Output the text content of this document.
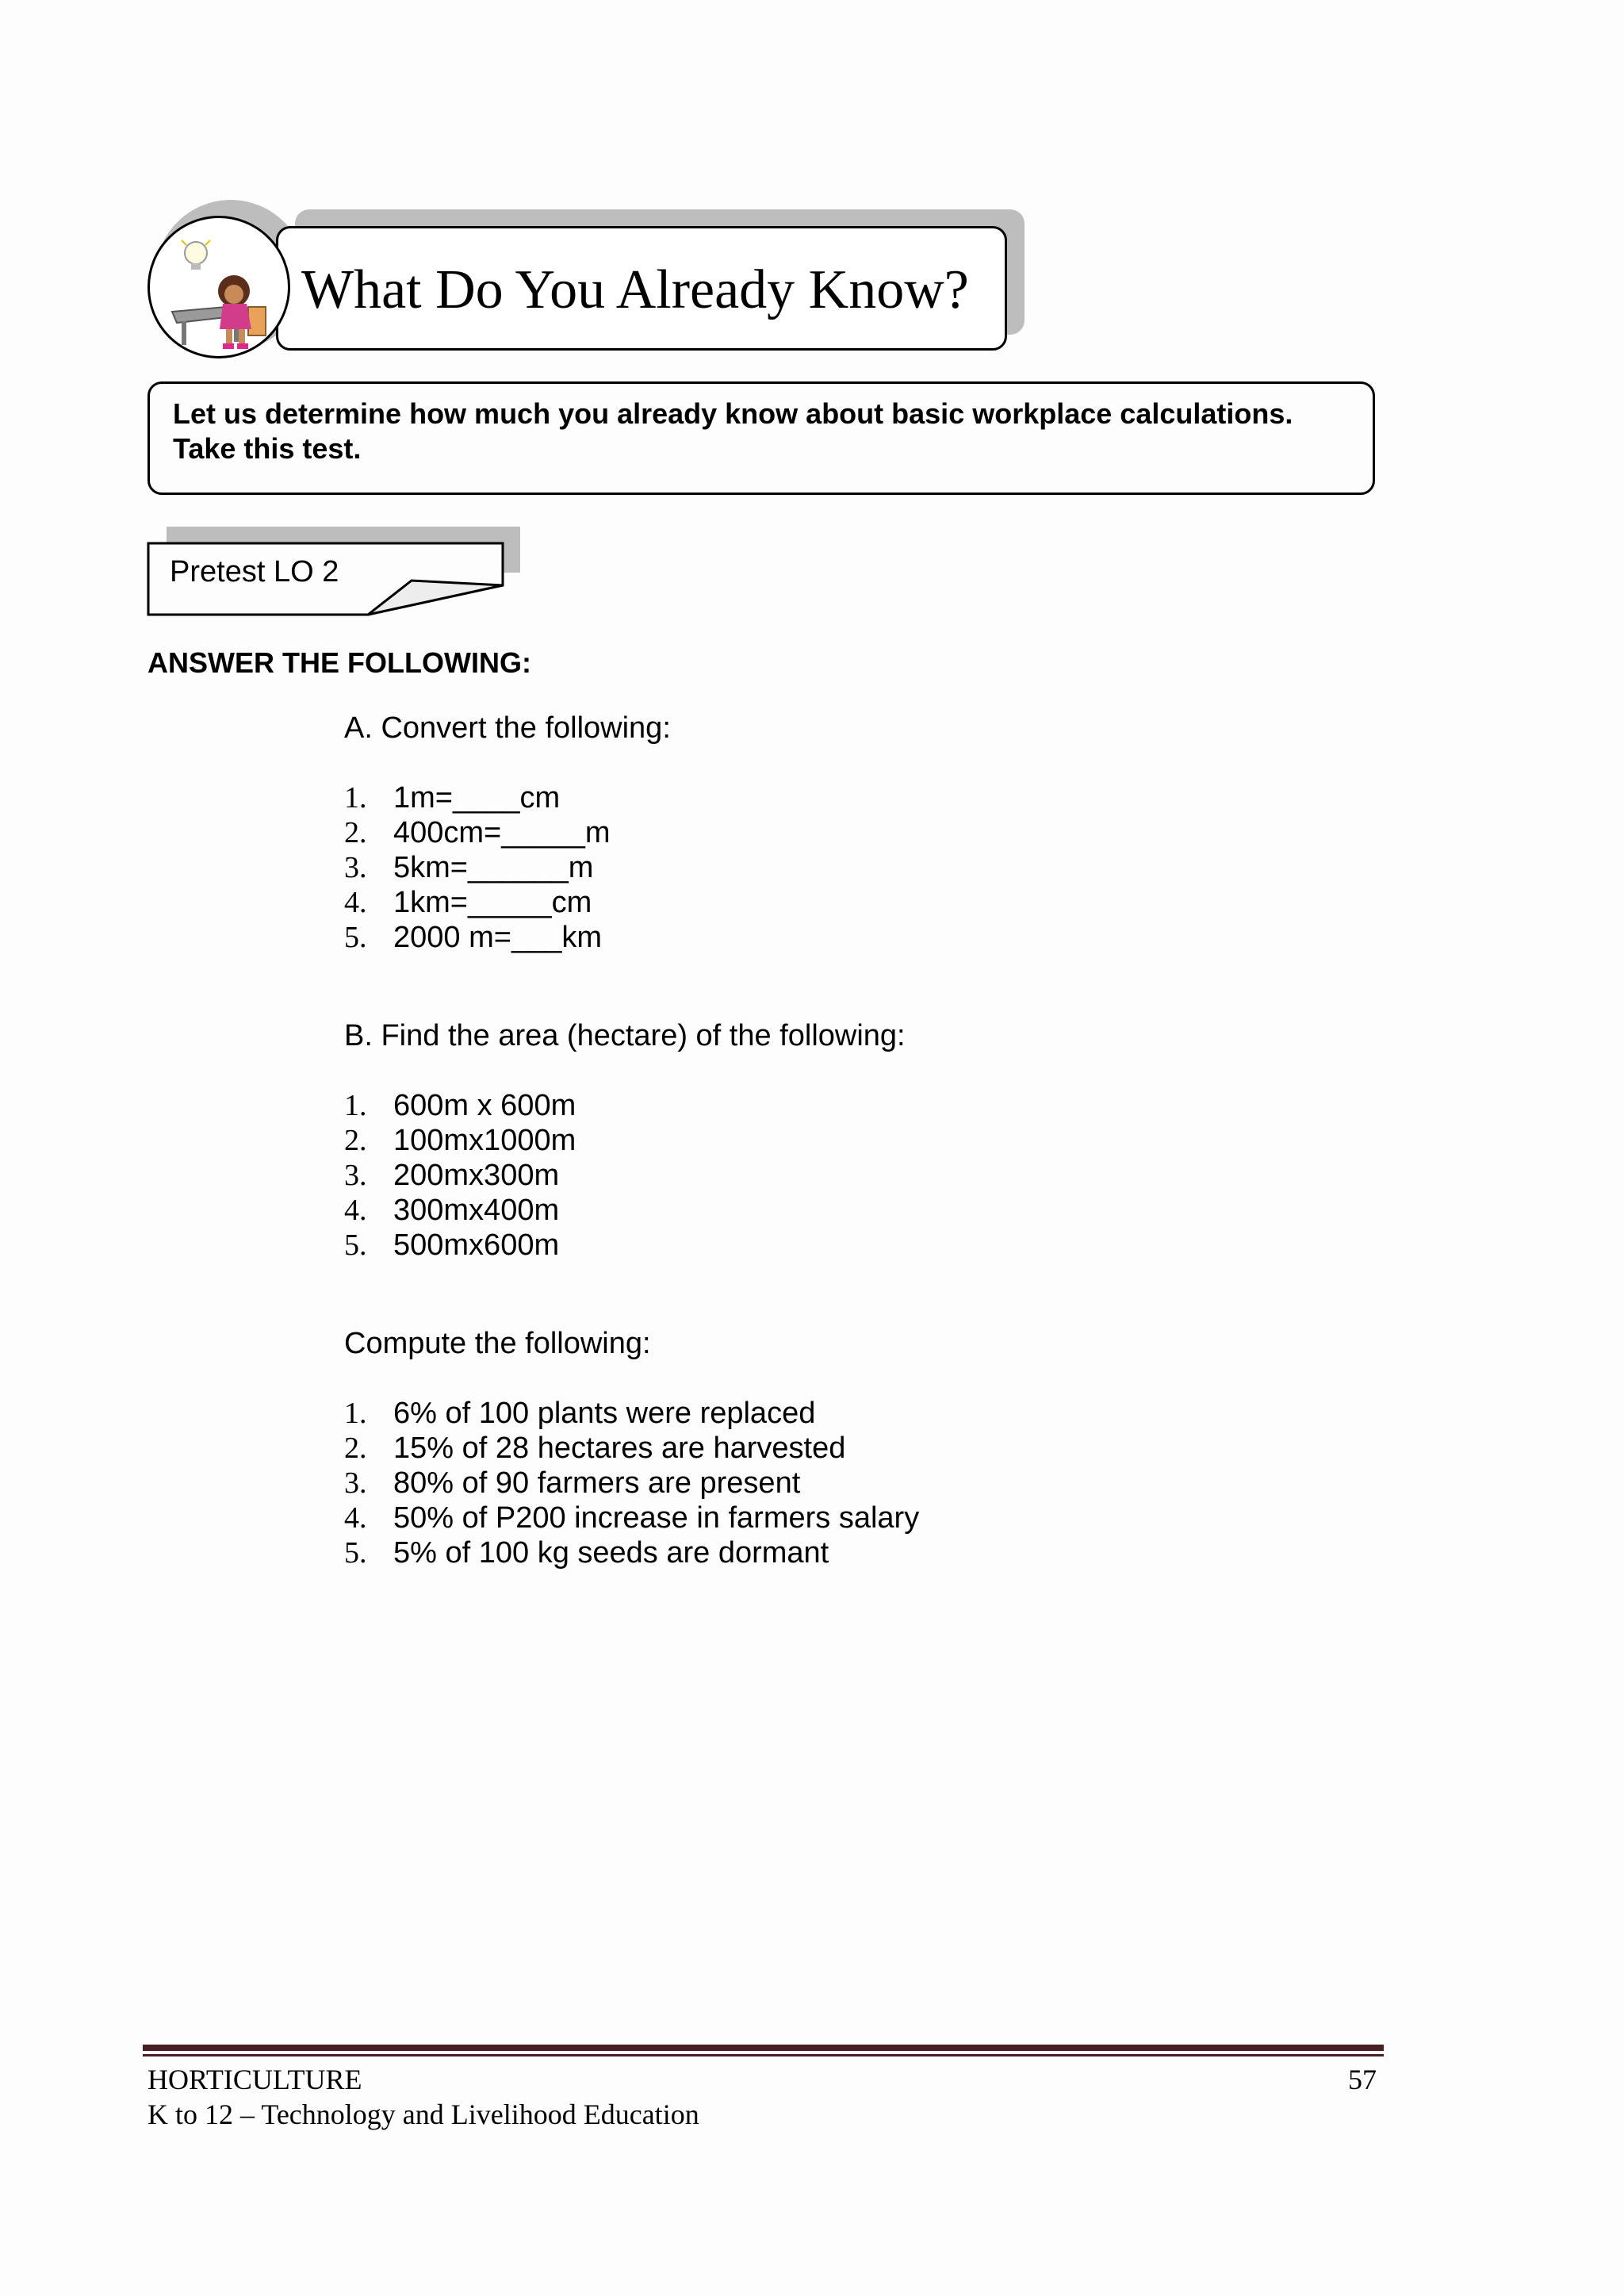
What Do You Already Know?
Let us determine how much you already know about basic workplace calculations. Take this test.
Pretest LO 2
ANSWER THE FOLLOWING:
A. Convert the following:
1. 1m=____cm
2. 400cm=_____m
3. 5km=______m
4. 1km=_____cm
5. 2000 m=___km
B. Find the area (hectare) of the following:
1. 600m x 600m
2. 100mx1000m
3. 200mx300m
4. 300mx400m
5. 500mx600m
Compute the following:
1. 6% of 100 plants were replaced
2. 15% of 28 hectares are harvested
3. 80% of 90 farmers are present
4. 50% of P200 increase in farmers salary
5. 5% of 100 kg seeds are dormant
HORTICULTURE
K to 12 – Technology and Livelihood Education
57
